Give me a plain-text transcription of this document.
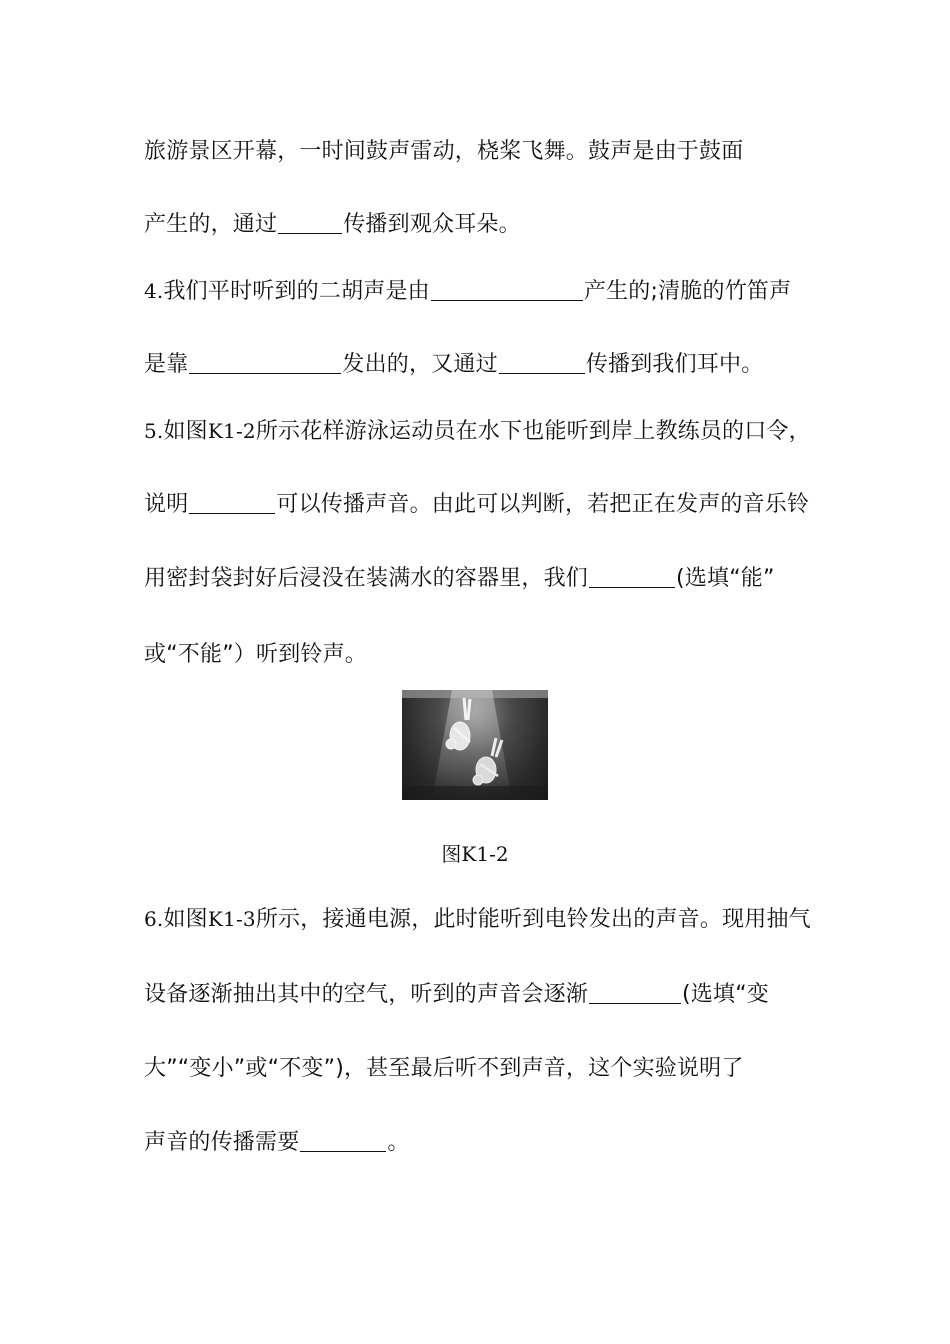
旅游景区开幕，一时间鼓声雷动，桡桨飞舞。鼓声是由于鼓面
产生的，通过	传播到观众耳朵。
4.我们平时听到的二胡声是由	产生的;清脆的竹笛声
是靠	发出的，又通过	传播到我们耳中。
5.如图K1-2所示花样游泳运动员在水下也能听到岸上教练员的口令，
说明	可以传播声音。由此可以判断，若把正在发声的音乐铃
用密封袋封好后浸没在装满水的容器里，我们	(选填“能”
或“不能”）听到铃声。
图K1-2
6.如图K1-3所示，接通电源，此时能听到电铃发出的声音。现用抽气
设备逐渐抽出其中的空气，听到的声音会逐渐	(选填“变
大”“变小”或“不变”)，甚至最后听不到声音，这个实验说明了
声音的传播需要	。
